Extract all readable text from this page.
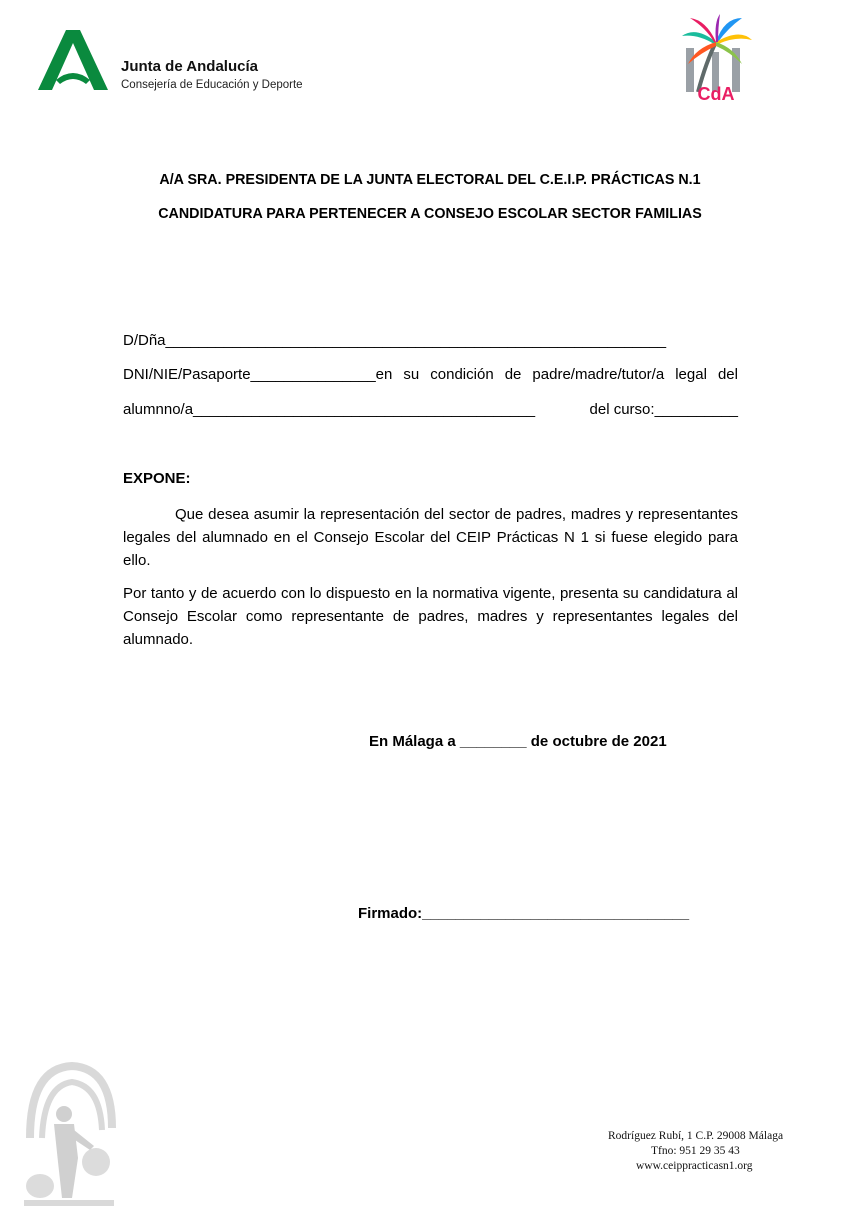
Junta de Andalucía
Consejería de Educación y Deporte	CdA
A/A SRA. PRESIDENTA DE LA JUNTA ELECTORAL DEL C.E.I.P. PRÁCTICAS N.1
CANDIDATURA PARA PERTENECER A CONSEJO ESCOLAR SECTOR FAMILIAS
D/Dña____________________________________________________________
DNI/NIE/Pasaporte_______________en su condición de padre/madre/tutor/a legal del
alumnno/a_________________________________________	del curso:__________
EXPONE:
Que desea asumir la representación del sector de padres, madres y representantes legales del alumnado en el Consejo Escolar del CEIP Prácticas N 1 si fuese elegido para ello.
Por tanto y de acuerdo con lo dispuesto en la normativa vigente, presenta su candidatura al Consejo Escolar como representante de padres, madres y representantes legales del alumnado.
En Málaga a ________ de octubre de 2021
Firmado:________________________________
Rodríguez Rubí, 1 C.P. 29008 Málaga
Tfno: 951 29 35 43
www.ceippracticasn1.org
